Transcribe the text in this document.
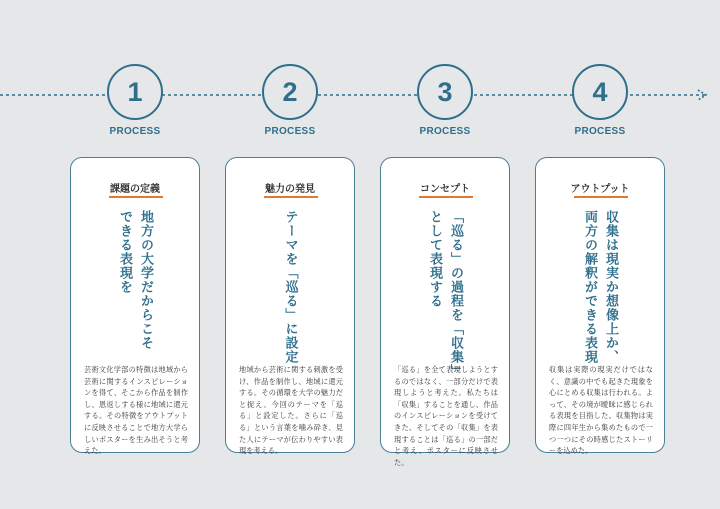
1
PROCESS
課題の定義
地方の大学だからこそ
できる表現を
芸術文化学部の特徴は地域から芸術に関するインスピレーションを得て、そこから作品を制作し、恩返しする様に地域に還元する。その特徴をアウトプットに反映させることで地方大学らしいポスターを生み出そうと考えた。
2
PROCESS
魅力の発見
テーマを「巡る」に設定
地域から芸術に関する刺激を受け、作品を制作し、地域に還元する。その循環を大学の魅力だと捉え、今回のテーマを「巡る」と設定した。さらに「巡る」という言葉を噛み砕き、見た人にテーマが伝わりやすい表現を考える。
3
PROCESS
コンセプト
「巡る」の過程を「収集」
として表現する
「巡る」を全て表現しようとするのではなく、一部分だけで表現しようと考えた。私たちは「収集」することを通し、作品のインスピレーションを受けてきた。そしてその「収集」を表現することは「巡る」の一部だと考え、ポスターに反映させた。
4
PROCESS
アウトプット
収集は現実か想像上か、
両方の解釈ができる表現
収集は実際の現実だけではなく、意識の中でも起きた現象を心にとめる収集は行われる。よって、その境が曖昧に感じられる表現を目指した。収集物は実際に四年生から集めたもので一つ一つにその時感じたストーリーを込めた。
